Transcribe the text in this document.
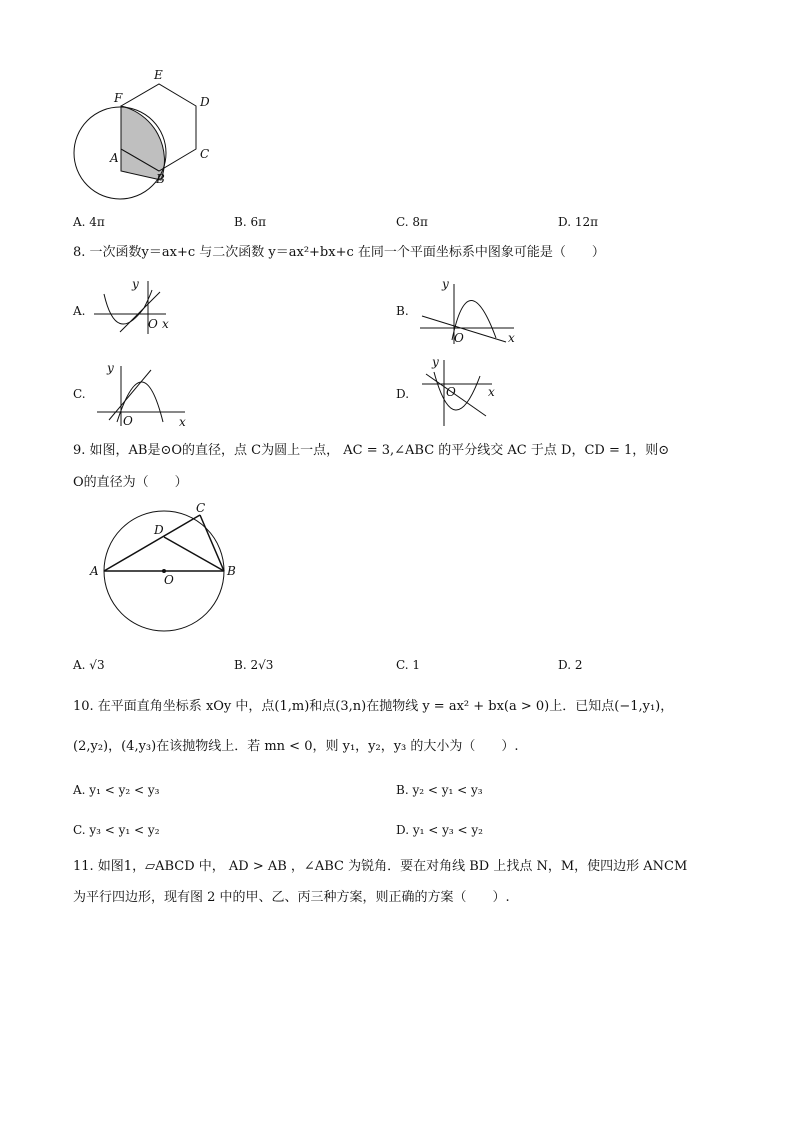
F
E
D
C
A
B
A. 4π	B. 6π	C. 8π	D. 12π
8. 一次函数y＝ax+c 与二次函数 y＝ax²+bx+c 在同一个平面坐标系中图象可能是（　　）
A.
y
O x
B.
y
O	x
C.
y
O	x
D.
y
O	x
9. 如图，AB是⊙O的直径，点 C为圆上一点， AC = 3,∠ABC 的平分线交 AC 于点 D，CD = 1，则⊙
O的直径为（　　）
A	B
C
D
O
A. √3	B. 2√3	C. 1	D. 2
10. 在平面直角坐标系 xOy 中，点(1,m)和点(3,n)在抛物线 y = ax² + bx(a > 0)上．已知点(−1,y₁)，
(2,y₂)，(4,y₃)在该抛物线上．若 mn < 0，则 y₁，y₂，y₃ 的大小为（　　）.
A. y₁ < y₂ < y₃	B. y₂ < y₁ < y₃
C. y₃ < y₁ < y₂	D. y₁ < y₃ < y₂
11. 如图1，▱ABCD 中， AD > AB ，∠ABC 为锐角．要在对角线 BD 上找点 N，M，使四边形 ANCM
为平行四边形，现有图 2 中的甲、乙、丙三种方案，则正确的方案（　　）.
